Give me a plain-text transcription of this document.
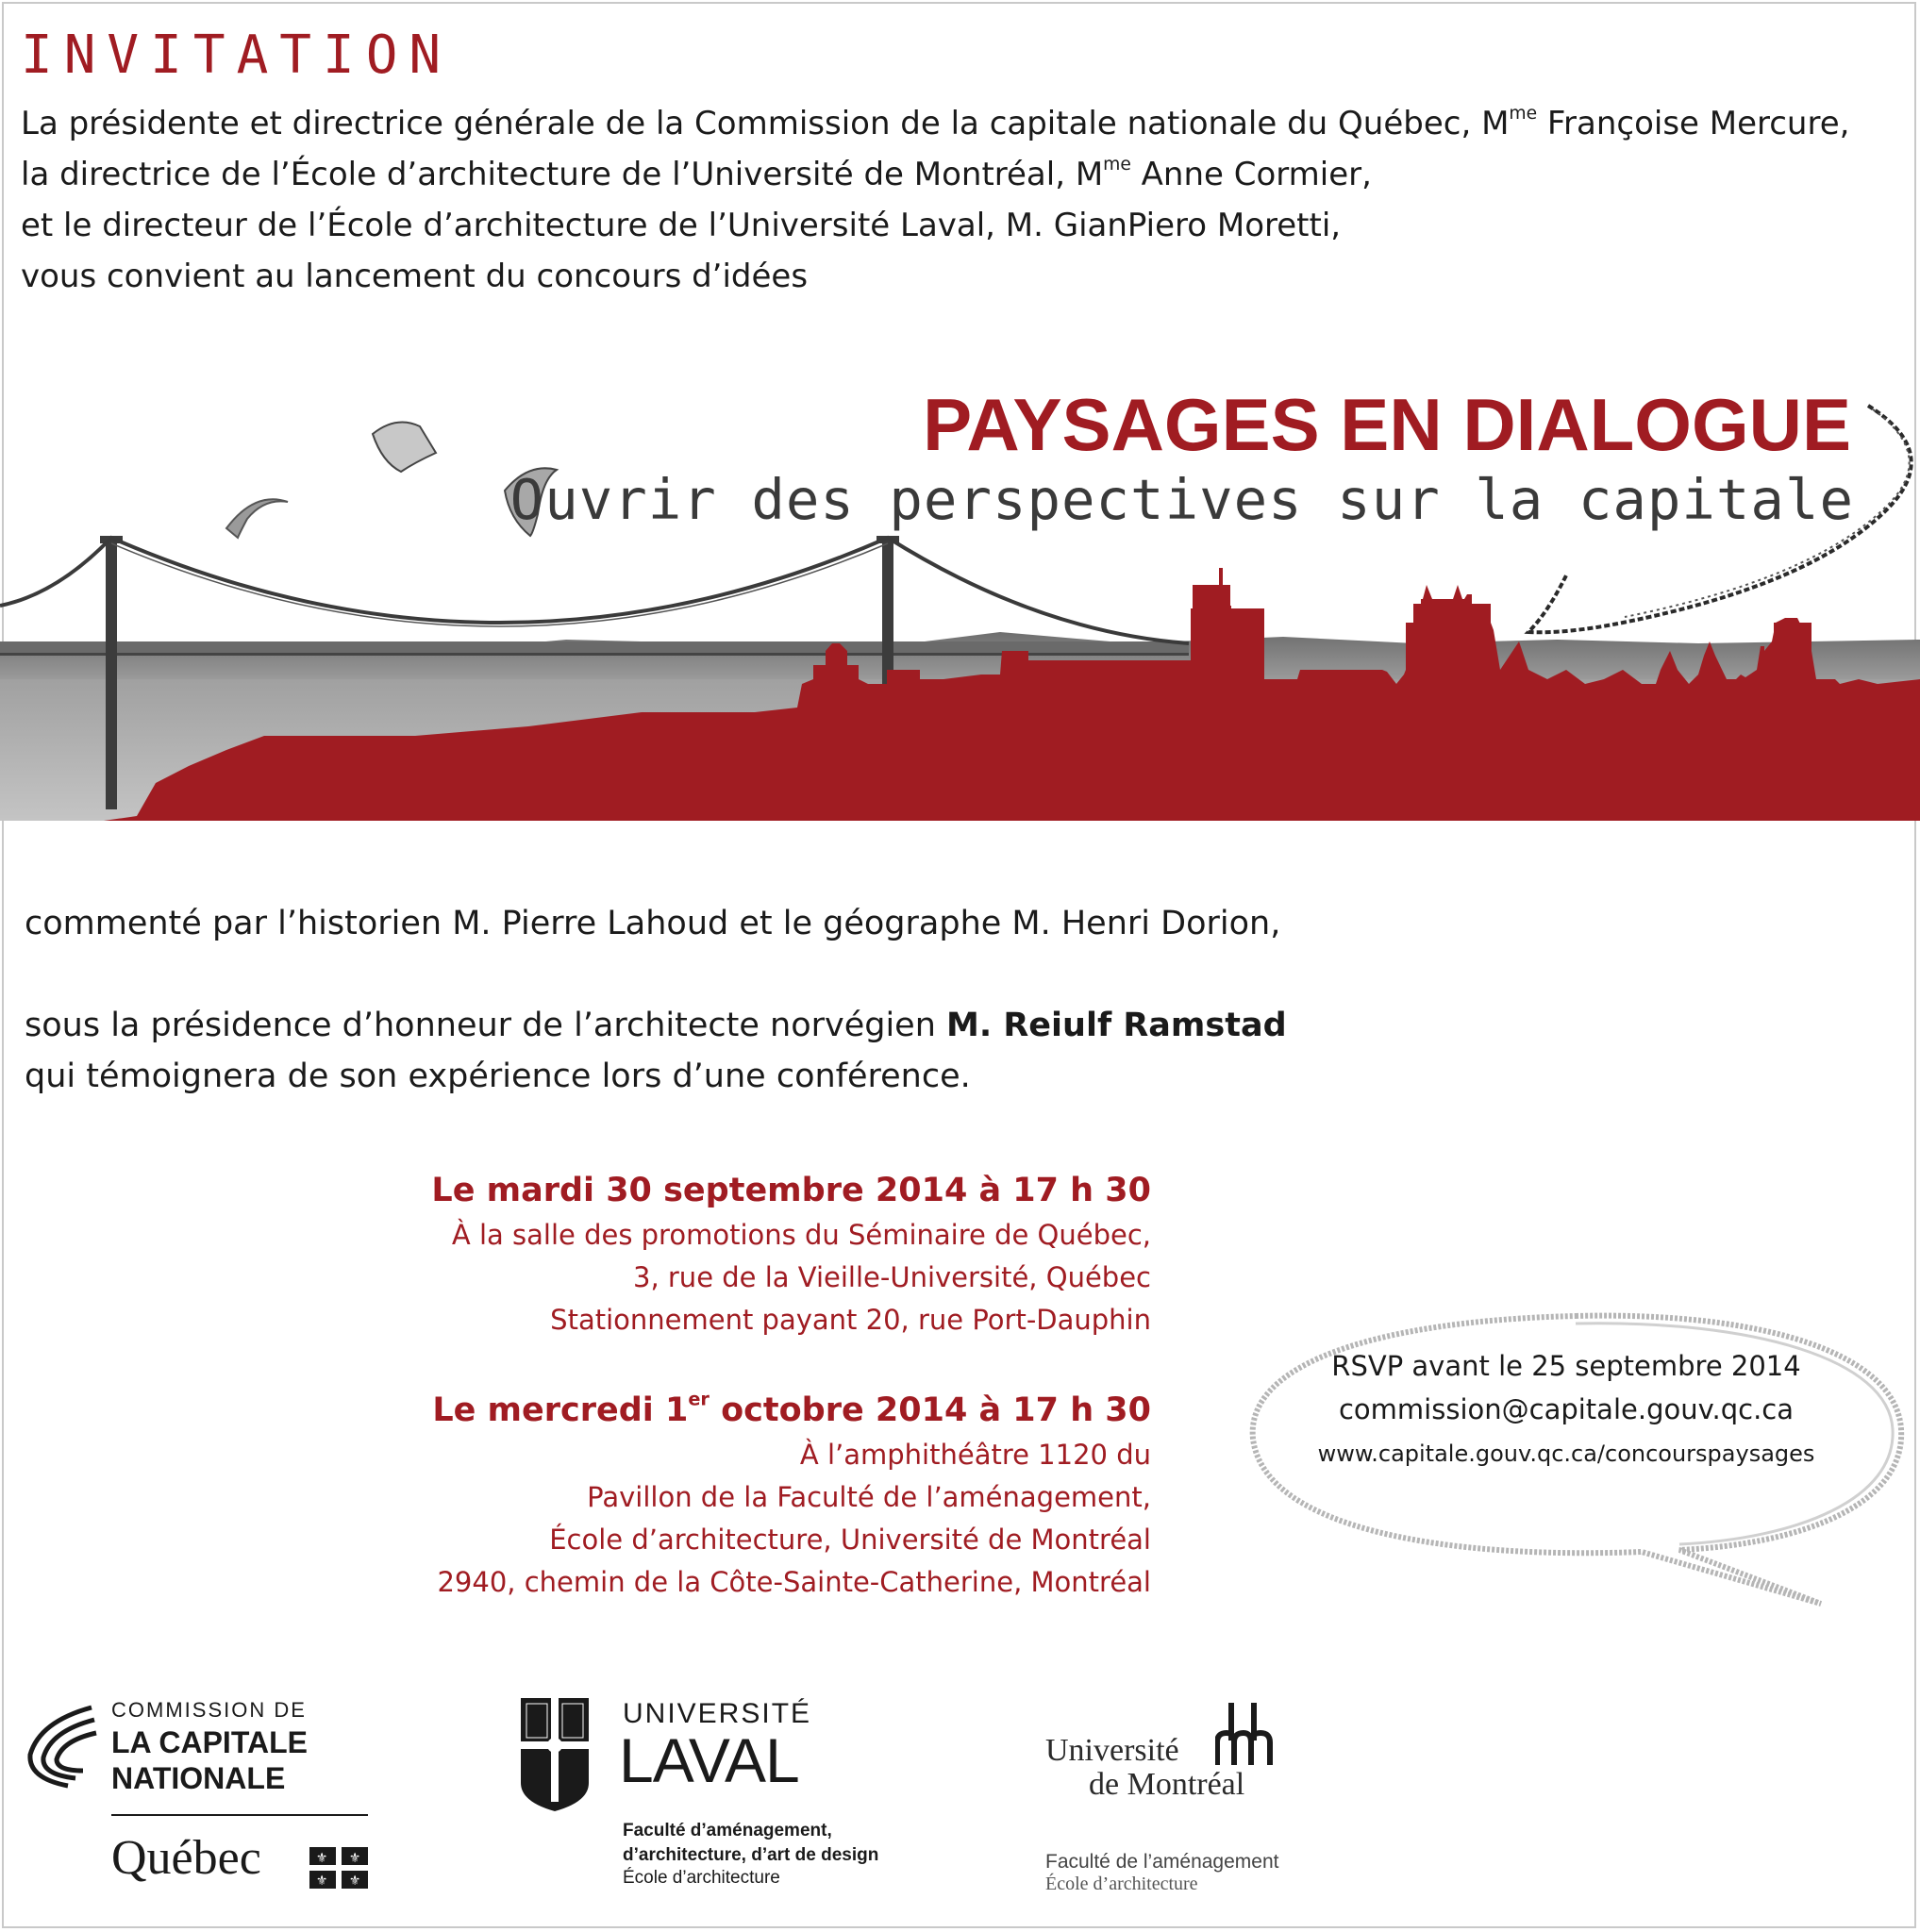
INVITATION
La présidente et directrice générale de la Commission de la capitale nationale du Québec, $M^{me}$ Françoise Mercure,
la directrice de l’École d’architecture de l’Université de Montréal, $M^{me}$ Anne Cormier,
et le directeur de l’École d’architecture de l’Université Laval, M. GianPiero Moretti,
vous convient au lancement du concours d’idées
PAYSAGES EN DIALOGUE
Ouvrir des perspectives sur la capitale
commenté par l’historien M. Pierre Lahoud et le géographe M. Henri Dorion,
sous la présidence d’honneur de l’architecte norvégien M. Reiulf Ramstad
qui témoignera de son expérience lors d’une conférence.
Le mardi 30 septembre 2014 à 17 h 30
À la salle des promotions du Séminaire de Québec,
3, rue de la Vieille-Université, Québec
Stationnement payant 20, rue Port-Dauphin
Le mercredi 1er octobre 2014 à 17 h 30
À l’amphithéâtre 1120 du
Pavillon de la Faculté de l’aménagement,
École d’architecture, Université de Montréal
2940, chemin de la Côte-Sainte-Catherine, Montréal
RSVP avant le 25 septembre 2014
commission@capitale.gouv.qc.ca
www.capitale.gouv.qc.ca/concourspaysages
COMMISSION DE
LA CAPITALE
NATIONALE
Québec	⚜ ⚜
⚜ ⚜
UNIVERSITÉ
LAVAL
Faculté d’aménagement,
d’architecture, d’art de design
École d’architecture
Université
de Montréal
Faculté de l’aménagement
École d’architecture
